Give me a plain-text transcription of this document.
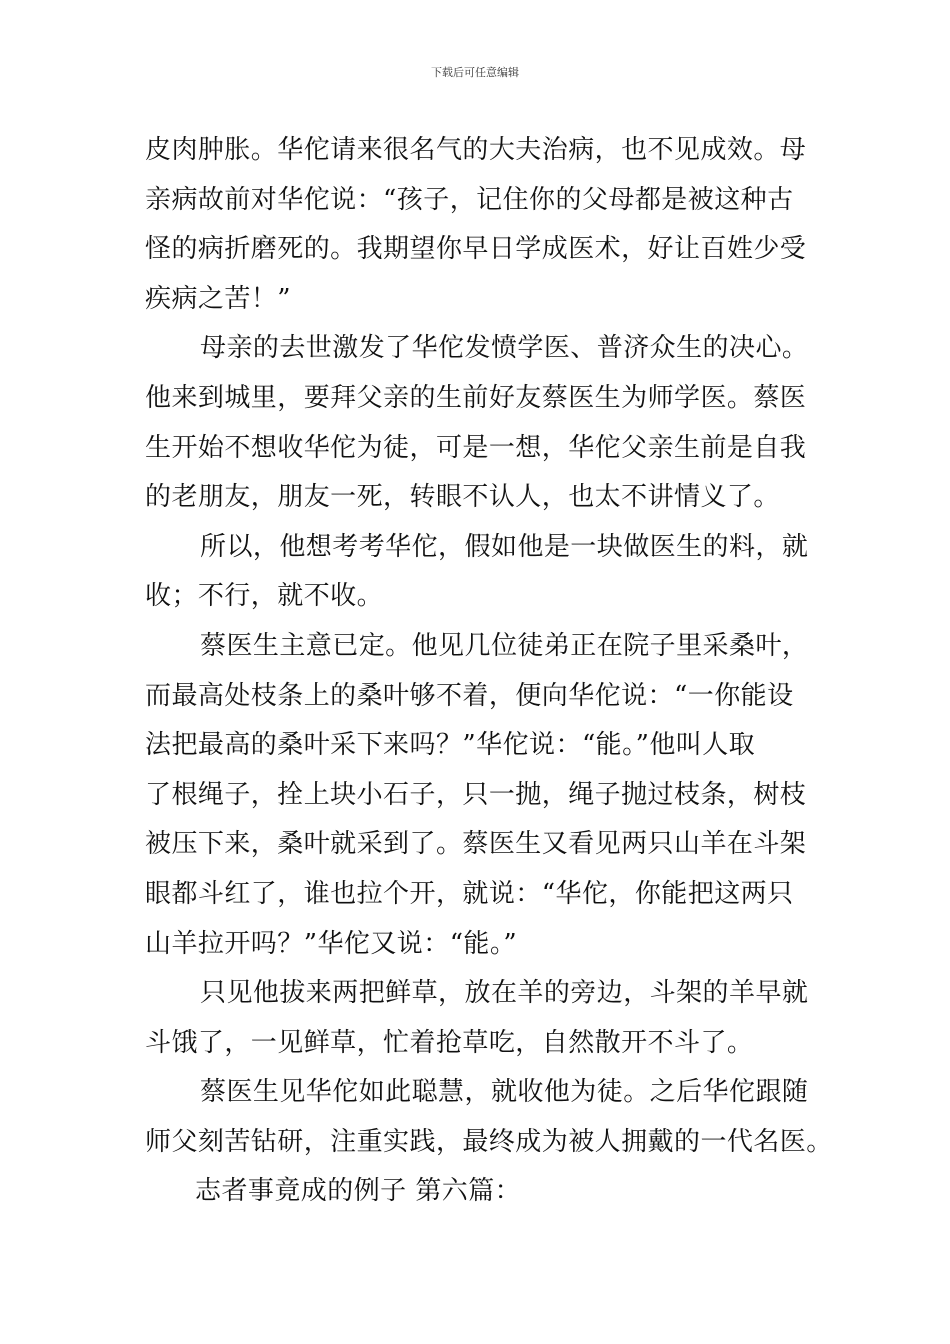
下载后可任意编辑
皮肉肿胀。华佗请来很名气的大夫治病，也不见成效。母
亲病故前对华佗说：“孩子，记住你的父母都是被这种古
怪的病折磨死的。我期望你早日学成医术，好让百姓少受
疾病之苦！”
母亲的去世激发了华佗发愤学医、普济众生的决心。
他来到城里，要拜父亲的生前好友蔡医生为师学医。蔡医
生开始不想收华佗为徒，可是一想，华佗父亲生前是自我
的老朋友，朋友一死，转眼不认人，也太不讲情义了。
所以，他想考考华佗，假如他是一块做医生的料，就
收；不行，就不收。
蔡医生主意已定。他见几位徒弟正在院子里采桑叶，
而最高处枝条上的桑叶够不着，便向华佗说：“一你能设
法把最高的桑叶采下来吗？”华佗说：“能。”他叫人取
了根绳子，拴上块小石子，只一抛，绳子抛过枝条，树枝
被压下来，桑叶就采到了。蔡医生又看见两只山羊在斗架
眼都斗红了，谁也拉个开，就说：“华佗，你能把这两只
山羊拉开吗？”华佗又说：“能。”
只见他拔来两把鲜草，放在羊的旁边，斗架的羊早就
斗饿了，一见鲜草，忙着抢草吃，自然散开不斗了。
蔡医生见华佗如此聪慧，就收他为徒。之后华佗跟随
师父刻苦钻研，注重实践，最终成为被人拥戴的一代名医。
志者事竟成的例子 第六篇：
